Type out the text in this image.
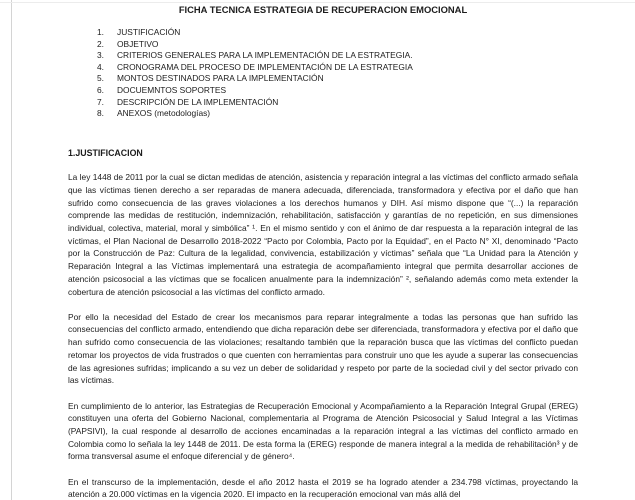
FICHA TECNICA ESTRATEGIA DE RECUPERACION EMOCIONAL
1.	JUSTIFICACIÓN
2.	OBJETIVO
3.	CRITERIOS GENERALES PARA LA IMPLEMENTACIÓN DE LA ESTRATEGIA.
4.	CRONOGRAMA DEL PROCESO DE IMPLEMENTACIÓN DE LA ESTRATEGIA
5.	MONTOS DESTINADOS PARA LA IMPLEMENTACIÓN
6.	DOCUEMNTOS SOPORTES
7.	DESCRIPCIÓN DE LA IMPLEMENTACIÓN
8.	ANEXOS (metodologías)
1.JUSTIFICACION

La ley 1448 de 2011 por la cual se dictan medidas de atención, asistencia y reparación integral a las víctimas del conflicto armado señala que las víctimas tienen derecho a ser reparadas de manera adecuada, diferenciada, transformadora y efectiva por el daño que han sufrido como consecuencia de las graves violaciones a los derechos humanos y DIH. Así mismo dispone que “(...) la reparación comprende las medidas de restitución, indemnización, rehabilitación, satisfacción y garantías de no repetición, en sus dimensiones individual, colectiva, material, moral y simbólica” ¹. En el mismo sentido y con el ánimo de dar respuesta a la reparación integral de las víctimas, el Plan Nacional de Desarrollo 2018-2022 “Pacto por Colombia, Pacto por la Equidad”, en el Pacto N° XI, denominado “Pacto por la Construcción de Paz: Cultura de la legalidad, convivencia, estabilización y víctimas” señala que “La Unidad para la Atención y Reparación Integral a las Víctimas implementará una estrategia de acompañamiento integral que permita desarrollar acciones de atención psicosocial a las víctimas que se focalicen anualmente para la indemnización” ², señalando además como meta extender la cobertura de atención psicosocial a las víctimas del conflicto armado.

Por ello la necesidad del Estado de crear los mecanismos para reparar integralmente a todas las personas que han sufrido las consecuencias del conflicto armado, entendiendo que dicha reparación debe ser diferenciada, transformadora y efectiva por el daño que han sufrido como consecuencia de las violaciones; resaltando también que la reparación busca que las víctimas del conflicto puedan retomar los proyectos de vida frustrados o que cuenten con herramientas para construir uno que les ayude a superar las consecuencias de las agresiones sufridas; implicando a su vez un deber de solidaridad y respeto por parte de la sociedad civil y del sector privado con las víctimas.

En cumplimiento de lo anterior, las Estrategias de Recuperación Emocional y Acompañamiento a la Reparación Integral Grupal (EREG) constituyen una oferta del Gobierno Nacional, complementaria al Programa de Atención Psicosocial y Salud Integral a las Víctimas (PAPSIVI), la cual responde al desarrollo de acciones encaminadas a la reparación integral a las víctimas del conflicto armado en Colombia como lo señala la ley 1448 de 2011. De esta forma la (EREG) responde de manera integral a la medida de rehabilitación³ y de forma transversal asume el enfoque diferencial y de género⁴.

En el transcurso de la implementación, desde el año 2012 hasta el 2019 se ha logrado atender a 234.798 víctimas, proyectando la atención a 20.000 víctimas en la vigencia 2020. El impacto en la recuperación emocional van más allá del
